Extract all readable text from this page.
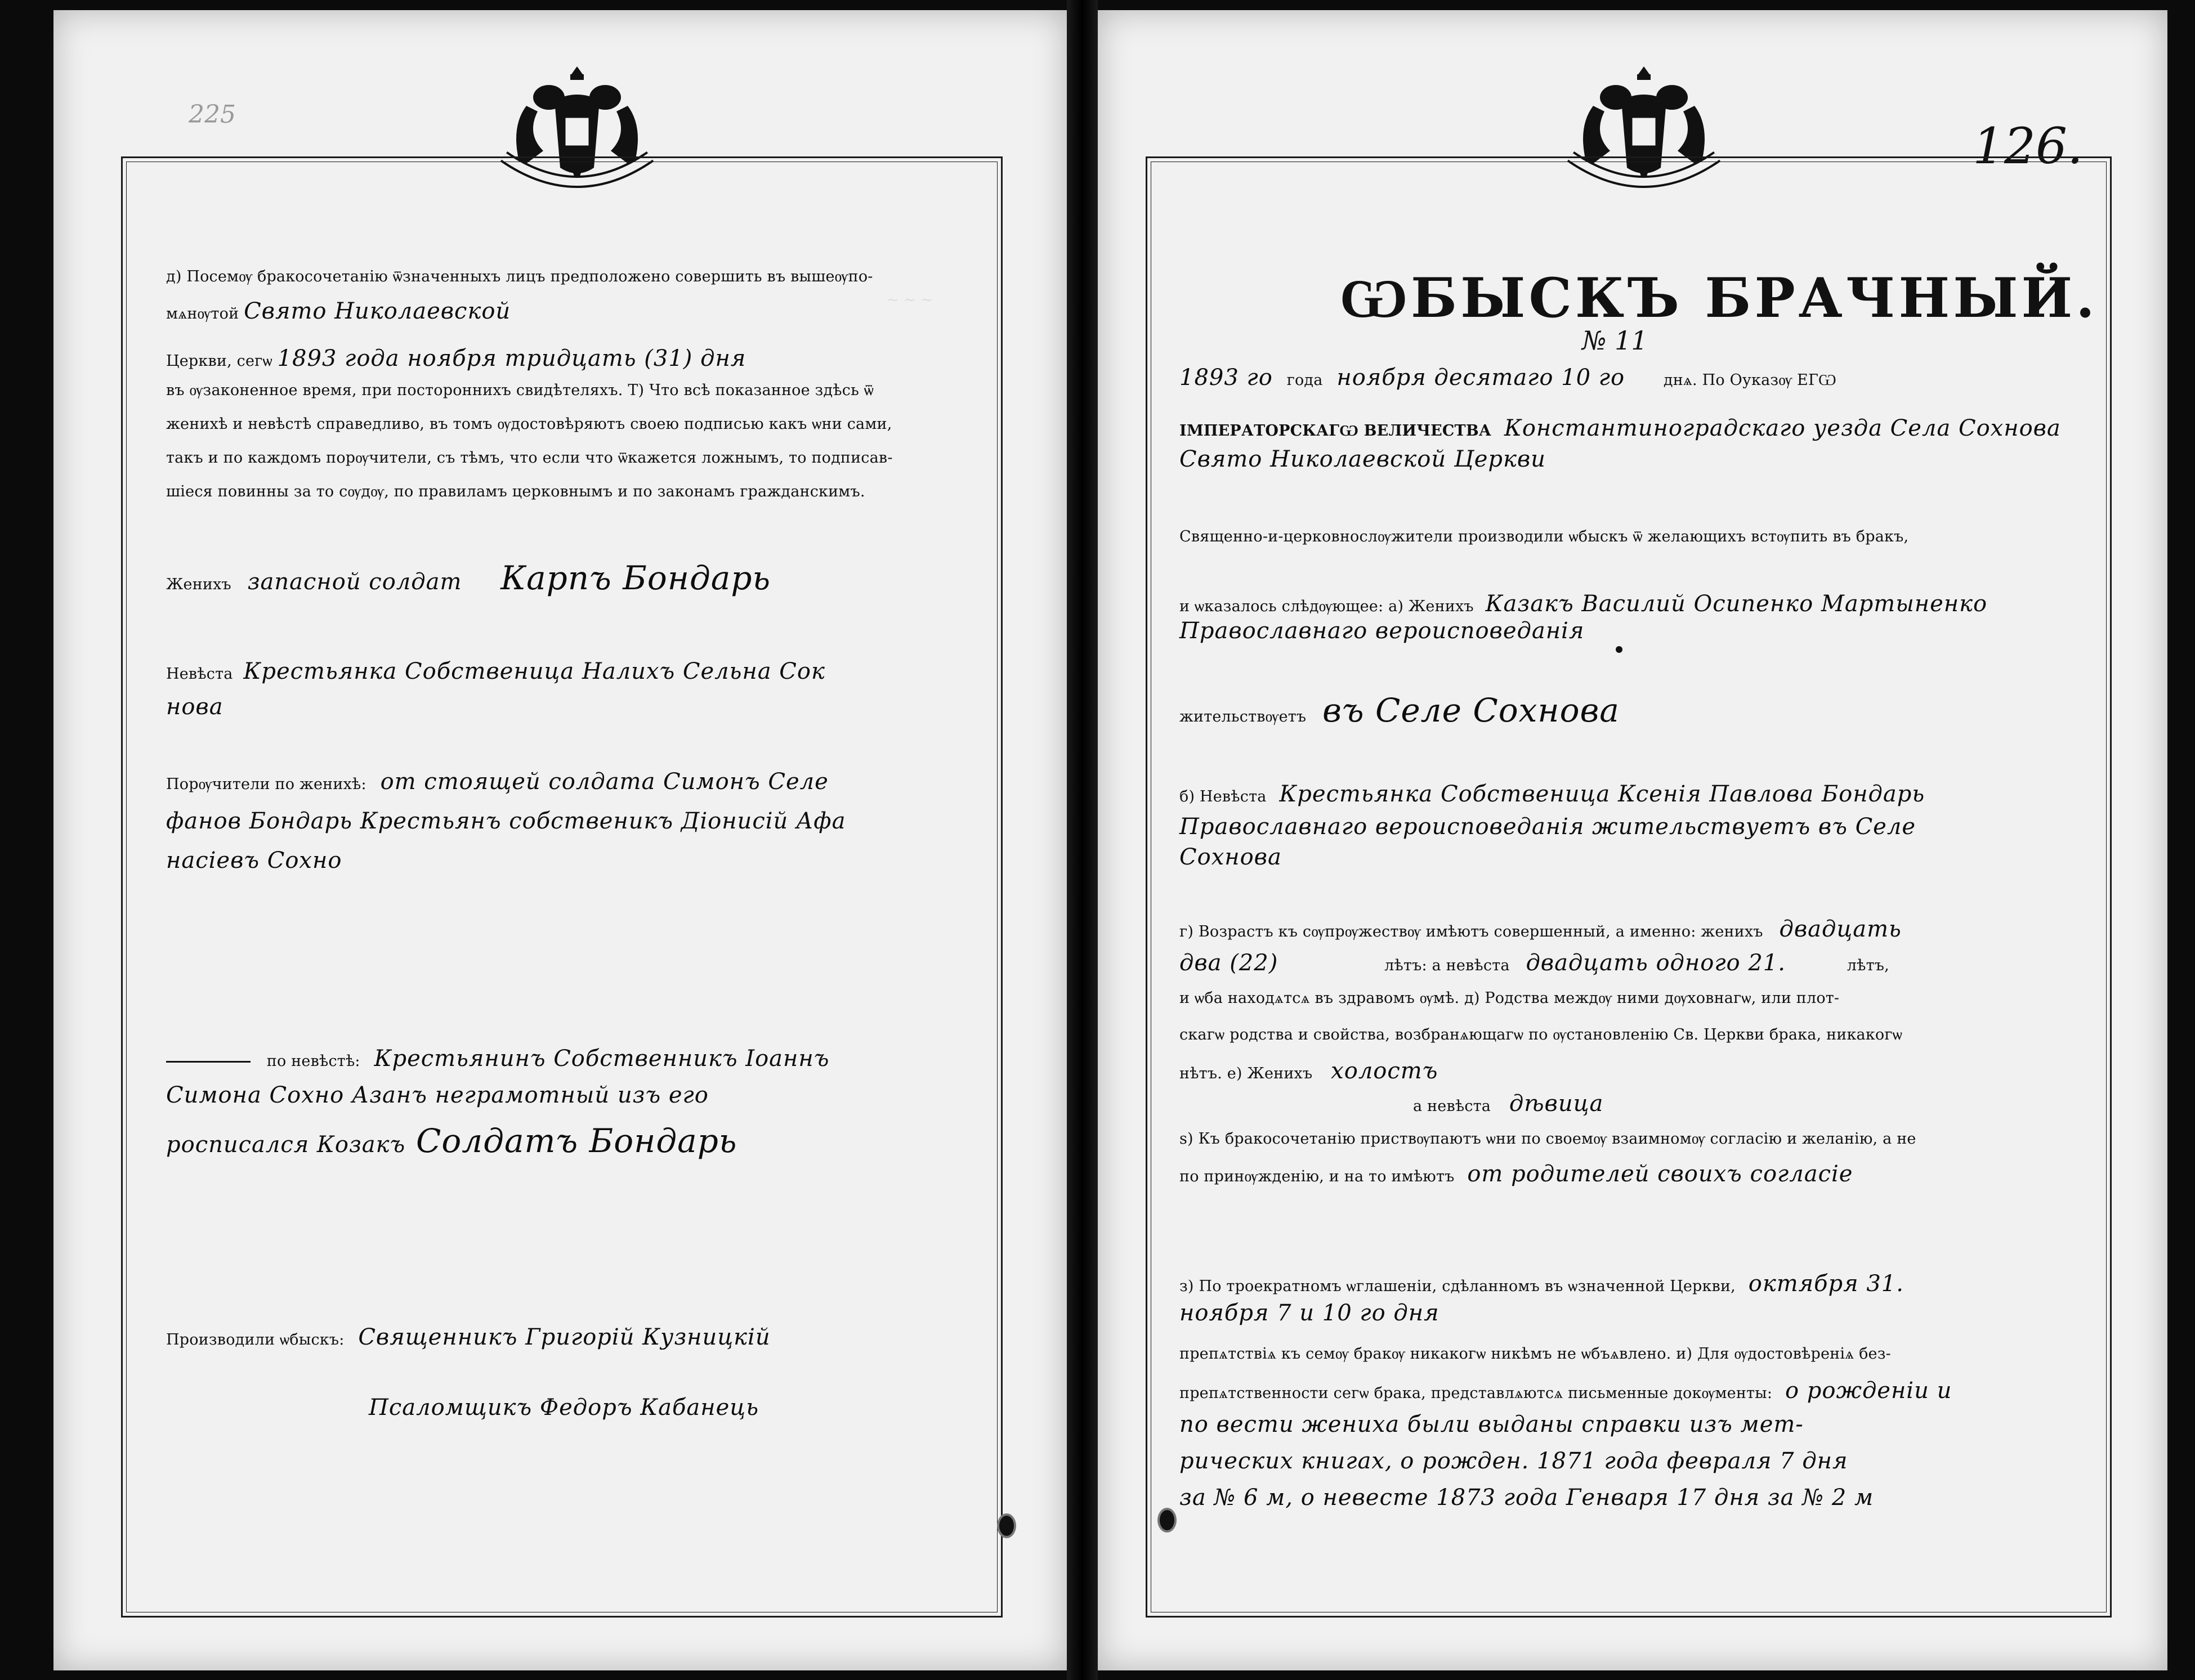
225
д) Посемѹ бракосочетанію ѿзначенныхъ лицъ предположено совершить въ вышеѹпо-
мѧнѹтой Свято Николаевской
Церкви, сегѡ 1893 года ноября тридцать (31) дня
въ ѹзаконенное время, при постороннихъ свидѣтеляхъ. Т) Что всѣ показанное здѣсь ѿ
женихѣ и невѣстѣ справедливо, въ томъ ѹдостовѣряютъ своею подписью какъ ѡни сами,
такъ и по каждомъ порѹчители, съ тѣмъ, что если что ѿкажется ложнымъ, то подписав-
шіеся повинны за то сѹдѹ, по правиламъ церковнымъ и по законамъ гражданскимъ.
Женихъ запасной солдат Карпъ Бондарь
Невѣста Крестьянка Собственица Налихъ Сельна Сок
нова
Порѹчители по женихѣ: от стоящей солдата Симонъ Селе
фанов Бондарь Крестьянъ собственикъ Діонисій Афа
насіевъ Сохно
по невѣстѣ: Крестьянинъ Собственникъ Іоаннъ
Симона Сохно Азанъ неграмотный изъ его
росписался Козакъ Солдатъ Бондарь
Производили ѡбыскъ: Священникъ Григорій Кузницкій
Псаломщикъ Федоръ Кабанець
~ ~ ~
126.
ѠБЫСКЪ БРАЧНЫЙ.
№ 11
1893 го года ноября десятаго 10 го	днѧ. По Оуказѹ ЕГѠ
ІМПЕРАТОРСКАГѠ ВЕЛИЧЕСТВА Константиноградскаго уезда Села Сохнова
Свято Николаевской Церкви
Священно-и-церковнослѹжители производили ѡбыскъ ѿ желающихъ встѹпить въ бракъ,
и ѡказалось слѣдѹющее: а) Женихъ Казакъ Василий Осипенко Мартыненко
Православнаго вероисповеданія
жительствѹетъ въ Селе Сохнова
б) Невѣста Крестьянка Собственица Ксенія Павлова Бондарь
Православнаго вероисповеданія жительствуетъ въ Селе
Сохнова
г) Возрастъ къ сѹпрѹжествѹ имѣютъ совершенный, а именно: женихъ двадцать
два (22)	лѣтъ: а невѣста двадцать одного 21.	лѣтъ,
и ѡба находѧтсѧ въ здравомъ ѹмѣ. д) Родства междѹ ними дѹховнагѡ, или плот-
скагѡ родства и свойства, возбранѧющагѡ по ѹстановленію Св. Церкви брака, никакогѡ
нѣтъ. е) Женихъ холостъ
а невѣста дѣвица
ѕ) Къ бракосочетанію приствѹпаютъ ѡни по своемѹ взаимномѹ согласію и желанію, а не
по принѹжденію, и на то имѣютъ от родителей своихъ согласіе
з) По троекратномъ ѡглашеніи, сдѣланномъ въ ѡзначенной Церкви, октября 31.
ноября 7 и 10 го дня
препѧтствіѧ къ семѹ бракѹ никакогѡ никѣмъ не ѡбъѧвлено. и) Для ѹдостовѣреніѧ без-
препѧтственности сегѡ брака, представлѧютсѧ письменные докѹменты: о рожденіи и
по вести жениха были выданы справки изъ мет-
рических книгах, о рожден. 1871 года февраля 7 дня
за № 6 м, о невесте 1873 года Генваря 17 дня за № 2 м
